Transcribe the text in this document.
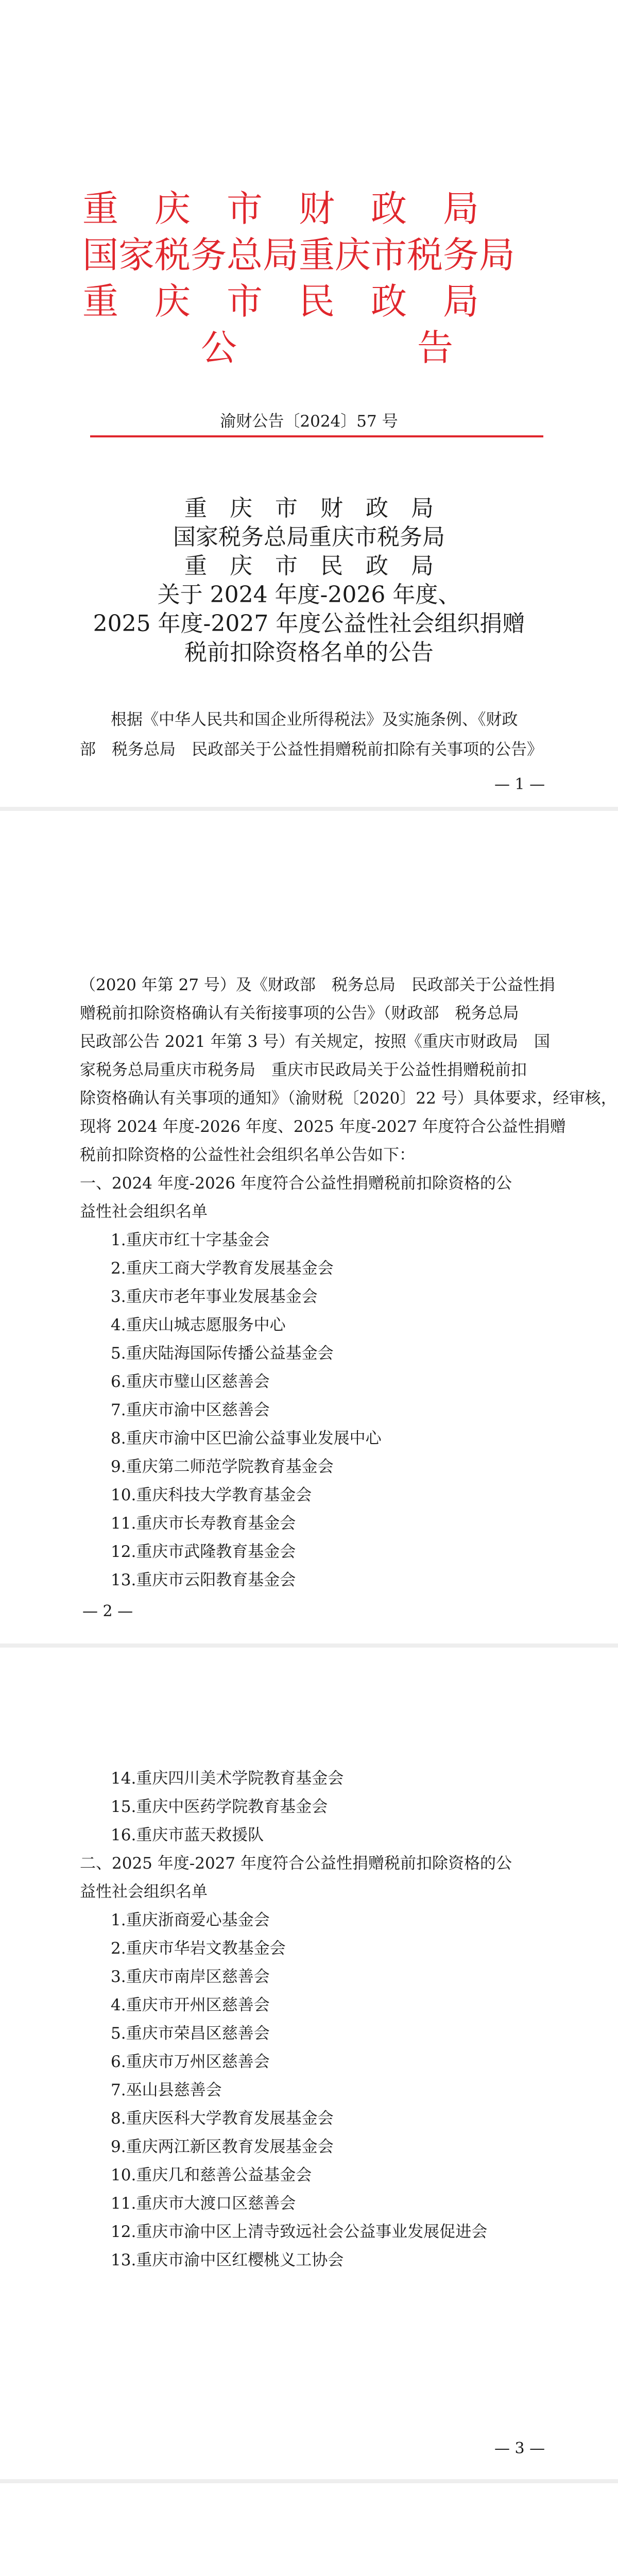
重　庆　市　财　政　局
国家税务总局重庆市税务局
重　庆　市　民　政　局
公　　　　　告
渝财公告〔2024〕57 号
重　庆　市　财　政　局
国家税务总局重庆市税务局
重　庆　市　民　政　局
关于 2024 年度-2026 年度、
2025 年度-2027 年度公益性社会组织捐赠
税前扣除资格名单的公告
根据《中华人民共和国企业所得税法》及实施条例、《财政
部　税务总局　民政部关于公益性捐赠税前扣除有关事项的公告》
— 1 —
（2020 年第 27 号）及《财政部　税务总局　民政部关于公益性捐
赠税前扣除资格确认有关衔接事项的公告》（财政部　税务总局
民政部公告 2021 年第 3 号）有关规定，按照《重庆市财政局　国
家税务总局重庆市税务局　重庆市民政局关于公益性捐赠税前扣
除资格确认有关事项的通知》（渝财税〔2020〕22 号）具体要求，经审核，
现将 2024 年度-2026 年度、2025 年度-2027 年度符合公益性捐赠
税前扣除资格的公益性社会组织名单公告如下：
一、2024 年度-2026 年度符合公益性捐赠税前扣除资格的公
益性社会组织名单
1.重庆市红十字基金会
2.重庆工商大学教育发展基金会
3.重庆市老年事业发展基金会
4.重庆山城志愿服务中心
5.重庆陆海国际传播公益基金会
6.重庆市璧山区慈善会
7.重庆市渝中区慈善会
8.重庆市渝中区巴渝公益事业发展中心
9.重庆第二师范学院教育基金会
10.重庆科技大学教育基金会
11.重庆市长寿教育基金会
12.重庆市武隆教育基金会
13.重庆市云阳教育基金会
— 2 —
14.重庆四川美术学院教育基金会
15.重庆中医药学院教育基金会
16.重庆市蓝天救援队
二、2025 年度-2027 年度符合公益性捐赠税前扣除资格的公
益性社会组织名单
1.重庆浙商爱心基金会
2.重庆市华岩文教基金会
3.重庆市南岸区慈善会
4.重庆市开州区慈善会
5.重庆市荣昌区慈善会
6.重庆市万州区慈善会
7.巫山县慈善会
8.重庆医科大学教育发展基金会
9.重庆两江新区教育发展基金会
10.重庆几和慈善公益基金会
11.重庆市大渡口区慈善会
12.重庆市渝中区上清寺致远社会公益事业发展促进会
13.重庆市渝中区红樱桃义工协会
— 3 —
